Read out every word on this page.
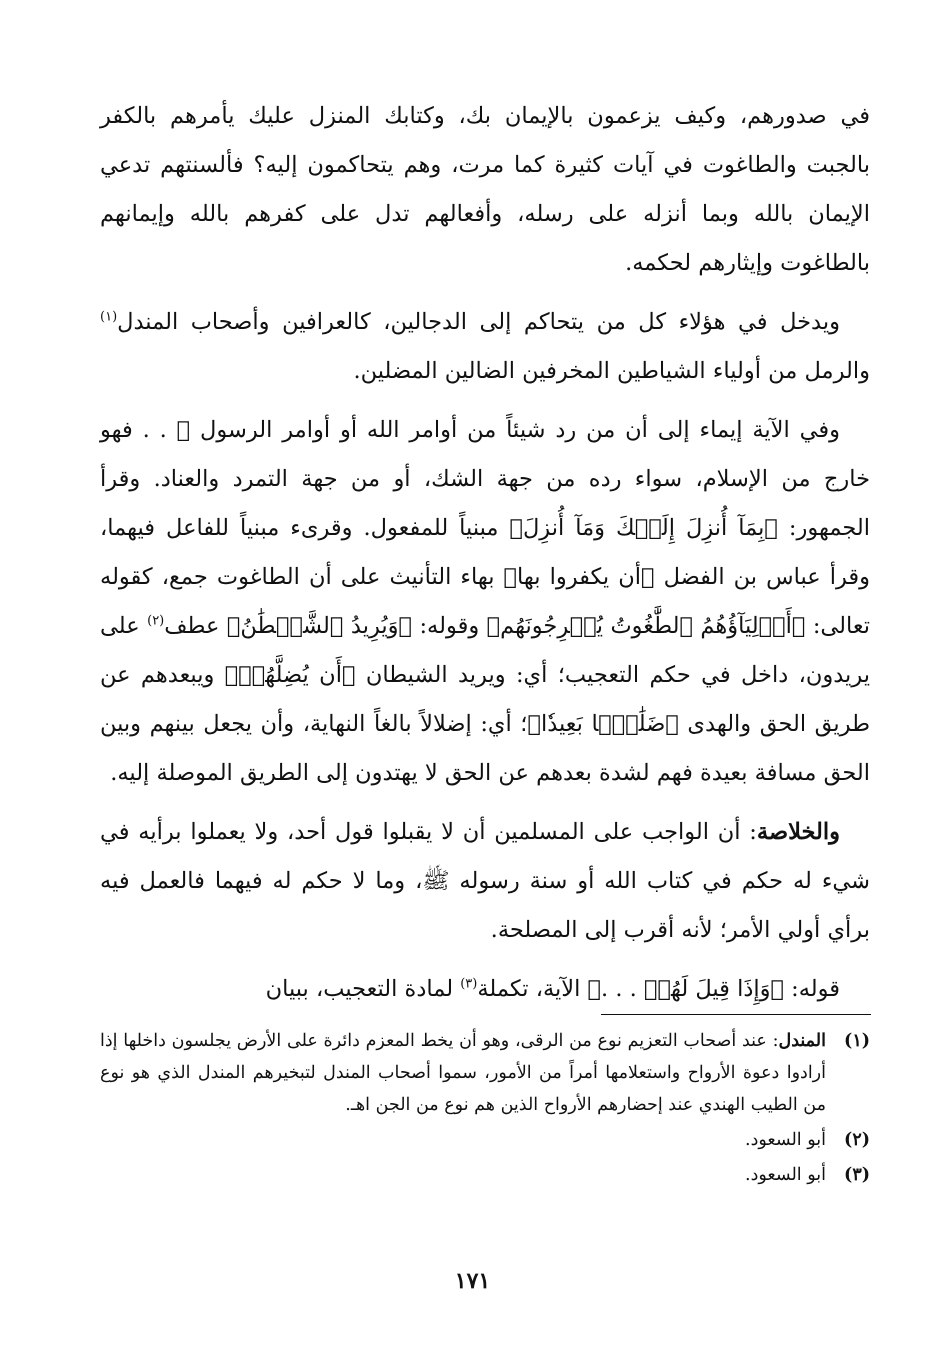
في صدورهم، وكيف يزعمون بالإيمان بك، وكتابك المنزل عليك يأمرهم بالكفر بالجبت والطاغوت في آيات كثيرة كما مرت، وهم يتحاكمون إليه؟ فألسنتهم تدعي الإيمان بالله وبما أنزله على رسله، وأفعالهم تدل على كفرهم بالله وإيمانهم بالطاغوت وإيثارهم لحكمه.

ويدخل في هؤلاء كل من يتحاكم إلى الدجالين، كالعرافين وأصحاب المندل$^{(١)}$ والرمل من أولياء الشياطين المخرفين الضالين المضلين.

وفي الآية إيماء إلى أن من رد شيئاً من أوامر الله أو أوامر الرسول ﷺ . . فهو خارج من الإسلام، سواء رده من جهة الشك، أو من جهة التمرد والعناد. وقرأ الجمهور: ﴿بِمَآ أُنزِلَ إِلَيۡكَ وَمَآ أُنزِلَ﴾ مبنياً للمفعول. وقرىء مبنياً للفاعل فيهما، وقرأ عباس بن الفضل ﴿أن يكفروا بها﴾ بهاء التأنيث على أن الطاغوت جمع، كقوله تعالى: ﴿أَوۡلِيَآؤُهُمُ ٱلطَّٰغُوتُ يُخۡرِجُونَهُم﴾ وقوله: ﴿وَيُرِيدُ ٱلشَّيۡطَٰنُ﴾ عطف$^{(٢)}$ على يريدون، داخل في حكم التعجيب؛ أي: ويريد الشيطان ﴿أَن يُضِلَّهُمۡ﴾ ويبعدهم عن طريق الحق والهدى ﴿ضَلَٰلَۢا بَعِيدٗا﴾؛ أي: إضلالاً بالغاً النهاية، وأن يجعل بينهم وبين الحق مسافة بعيدة فهم لشدة بعدهم عن الحق لا يهتدون إلى الطريق الموصلة إليه.

والخلاصة: أن الواجب على المسلمين أن لا يقبلوا قول أحد، ولا يعملوا برأيه في شيء له حكم في كتاب الله أو سنة رسوله ﷺ، وما لا حكم له فيهما فالعمل فيه برأي أولي الأمر؛ لأنه أقرب إلى المصلحة.

قوله: ﴿وَإِذَا قِيلَ لَهُمۡ . . .﴾ الآية، تكملة$^{(٣)}$ لمادة التعجيب، ببيان

(١)
المندل: عند أصحاب التعزيم نوع من الرقى، وهو أن يخط المعزم دائرة على الأرض يجلسون داخلها إذا أرادوا دعوة الأرواح واستعلامها أمراً من الأمور، سموا أصحاب المندل لتبخيرهم المندل الذي هو نوع من الطيب الهندي عند إحضارهم الأرواح الذين هم نوع من الجن اهـ.
(٢)
أبو السعود.
(٣)
أبو السعود.
١٧١
